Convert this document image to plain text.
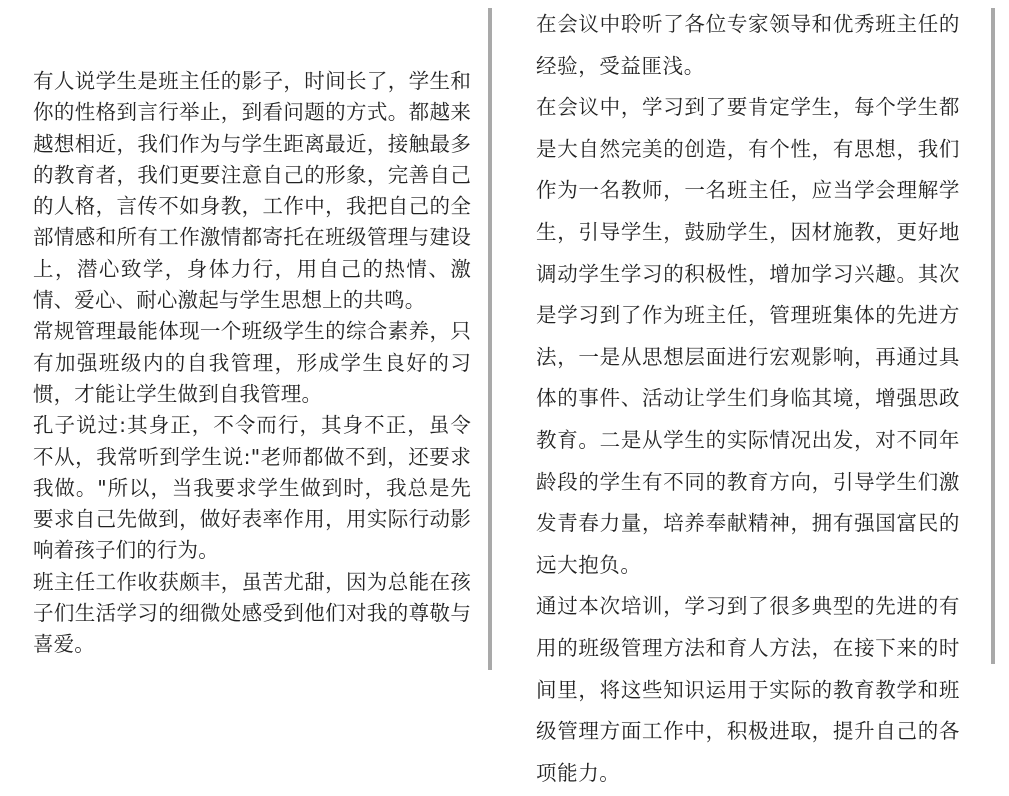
有人说学生是班主任的影子，时间长了，学生和你的性格到言行举止，到看问题的方式。都越来越想相近，我们作为与学生距离最近，接触最多的教育者，我们更要注意自己的形象，完善自己的人格，言传不如身教，工作中，我把自己的全部情感和所有工作激情都寄托在班级管理与建设上，潜心致学，身体力行，用自己的热情、激情、爱心、耐心激起与学生思想上的共鸣。

常规管理最能体现一个班级学生的综合素养，只有加强班级内的自我管理，形成学生良好的习惯，才能让学生做到自我管理。

孔子说过:其身正，不令而行，其身不正，虽令不从，我常听到学生说:"老师都做不到，还要求我做。"所以，当我要求学生做到时，我总是先要求自己先做到，做好表率作用，用实际行动影响着孩子们的行为。

班主任工作收获颇丰，虽苦尤甜，因为总能在孩子们生活学习的细微处感受到他们对我的尊敬与喜爱。

在会议中聆听了各位专家领导和优秀班主任的经验，受益匪浅。

在会议中，学习到了要肯定学生，每个学生都是大自然完美的创造，有个性，有思想，我们作为一名教师，一名班主任，应当学会理解学生，引导学生，鼓励学生，因材施教，更好地调动学生学习的积极性，增加学习兴趣。其次是学习到了作为班主任，管理班集体的先进方法，一是从思想层面进行宏观影响，再通过具体的事件、活动让学生们身临其境，增强思政教育。二是从学生的实际情况出发，对不同年龄段的学生有不同的教育方向，引导学生们激发青春力量，培养奉献精神，拥有强国富民的远大抱负。

通过本次培训，学习到了很多典型的先进的有用的班级管理方法和育人方法，在接下来的时间里，将这些知识运用于实际的教育教学和班级管理方面工作中，积极进取，提升自己的各项能力。
